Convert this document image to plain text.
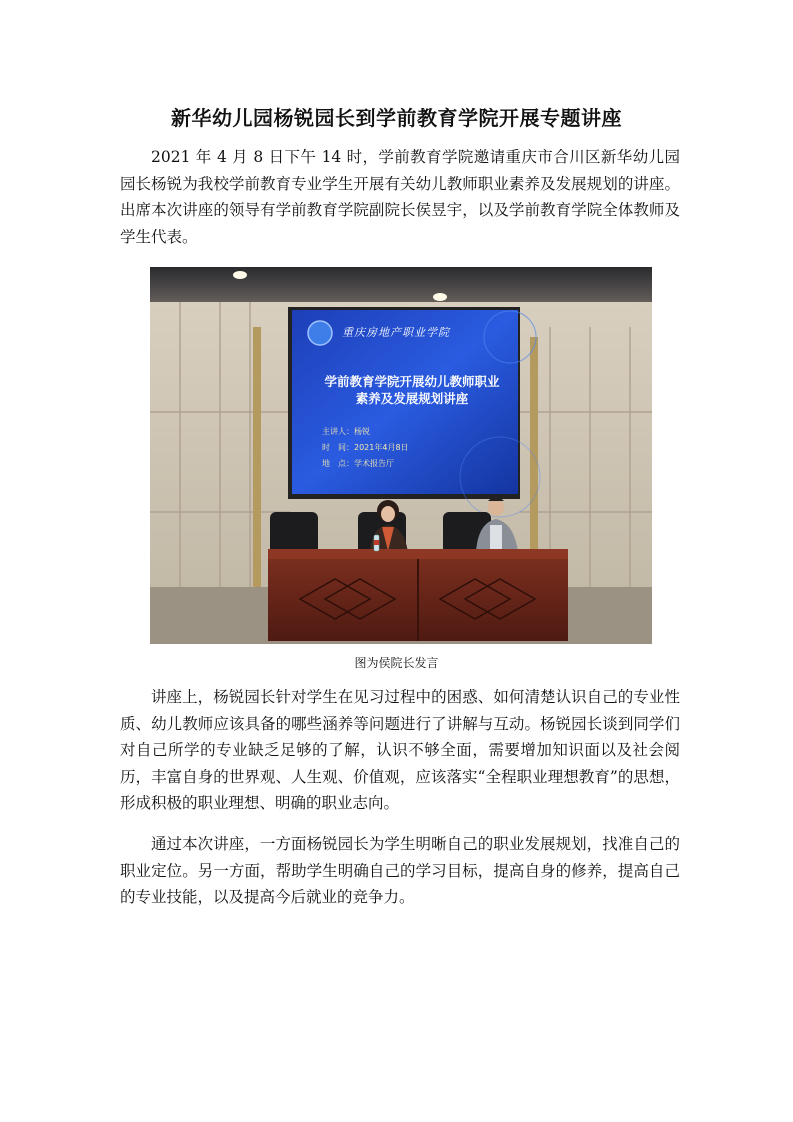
新华幼儿园杨锐园长到学前教育学院开展专题讲座

2021 年 4 月 8 日下午 14 时，学前教育学院邀请重庆市合川区新华幼儿园园长杨锐为我校学前教育专业学生开展有关幼儿教师职业素养及发展规划的讲座。出席本次讲座的领导有学前教育学院副院长侯昱宇，以及学前教育学院全体教师及学生代表。

重庆房地产职业学院
学前教育学院开展幼儿教师职业素养及发展规划讲座
主讲人：杨锐
时　间：2021年4月8日
地　点：学术报告厅

图为侯院长发言

讲座上，杨锐园长针对学生在见习过程中的困惑、如何清楚认识自己的专业性质、幼儿教师应该具备的哪些涵养等问题进行了讲解与互动。杨锐园长谈到同学们对自己所学的专业缺乏足够的了解，认识不够全面，需要增加知识面以及社会阅历，丰富自身的世界观、人生观、价值观，应该落实“全程职业理想教育”的思想，形成积极的职业理想、明确的职业志向。

通过本次讲座，一方面杨锐园长为学生明晰自己的职业发展规划，找准自己的职业定位。另一方面，帮助学生明确自己的学习目标，提高自身的修养，提高自己的专业技能，以及提高今后就业的竞争力。
